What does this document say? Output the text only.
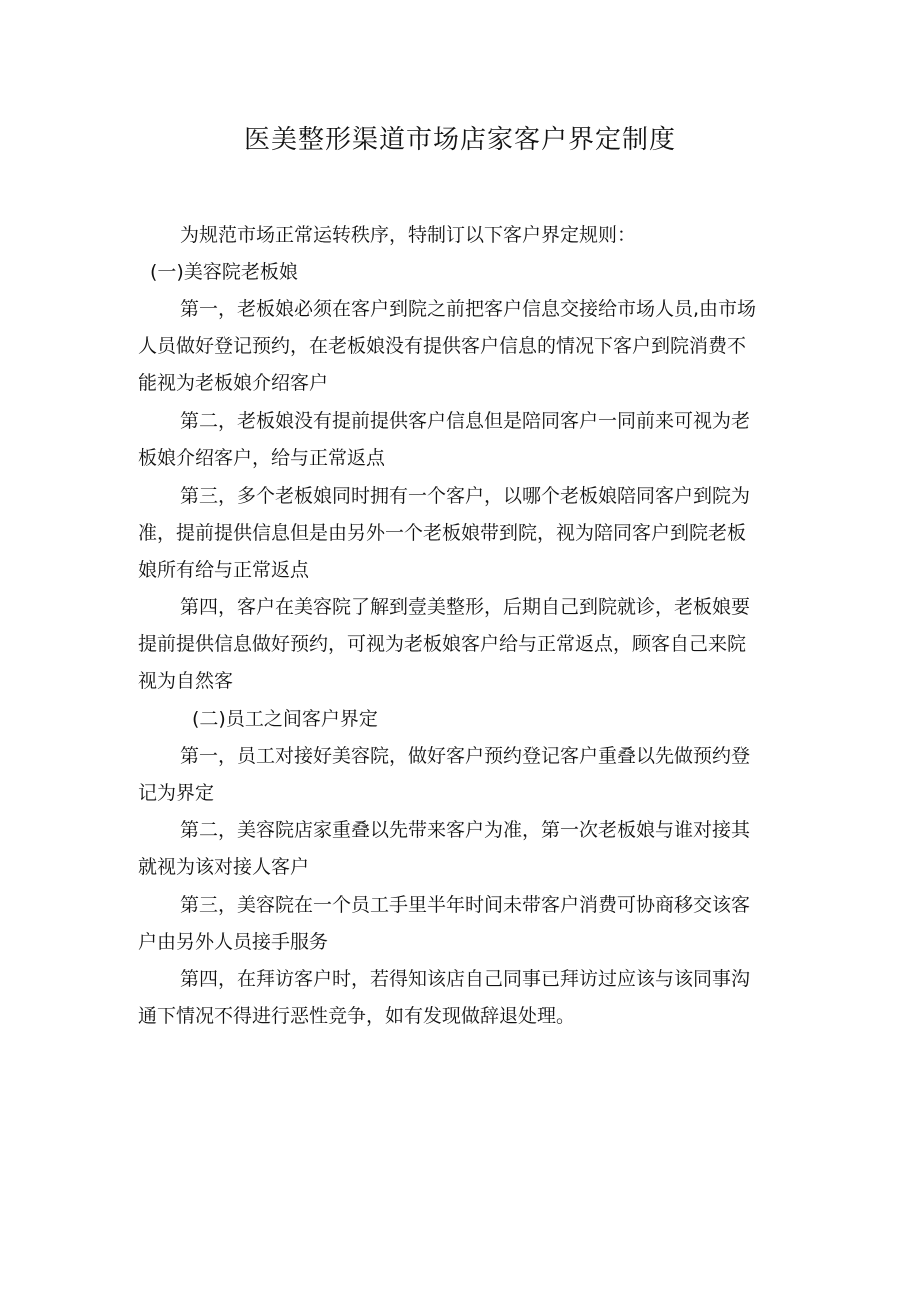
医美整形渠道市场店家客户界定制度
为规范市场正常运转秩序，特制订以下客户界定规则：
(一)美容院老板娘
第一，老板娘必须在客户到院之前把客户信息交接给市场人员,由市场
人员做好登记预约，在老板娘没有提供客户信息的情况下客户到院消费不
能视为老板娘介绍客户
第二，老板娘没有提前提供客户信息但是陪同客户一同前来可视为老
板娘介绍客户，给与正常返点
第三，多个老板娘同时拥有一个客户，以哪个老板娘陪同客户到院为
准，提前提供信息但是由另外一个老板娘带到院，视为陪同客户到院老板
娘所有给与正常返点
第四，客户在美容院了解到壹美整形，后期自己到院就诊，老板娘要
提前提供信息做好预约，可视为老板娘客户给与正常返点，顾客自己来院
视为自然客
(二)员工之间客户界定
第一，员工对接好美容院，做好客户预约登记客户重叠以先做预约登
记为界定
第二，美容院店家重叠以先带来客户为准，第一次老板娘与谁对接其
就视为该对接人客户
第三，美容院在一个员工手里半年时间未带客户消费可协商移交该客
户由另外人员接手服务
第四，在拜访客户时，若得知该店自己同事已拜访过应该与该同事沟
通下情况不得进行恶性竞争，如有发现做辞退处理。
